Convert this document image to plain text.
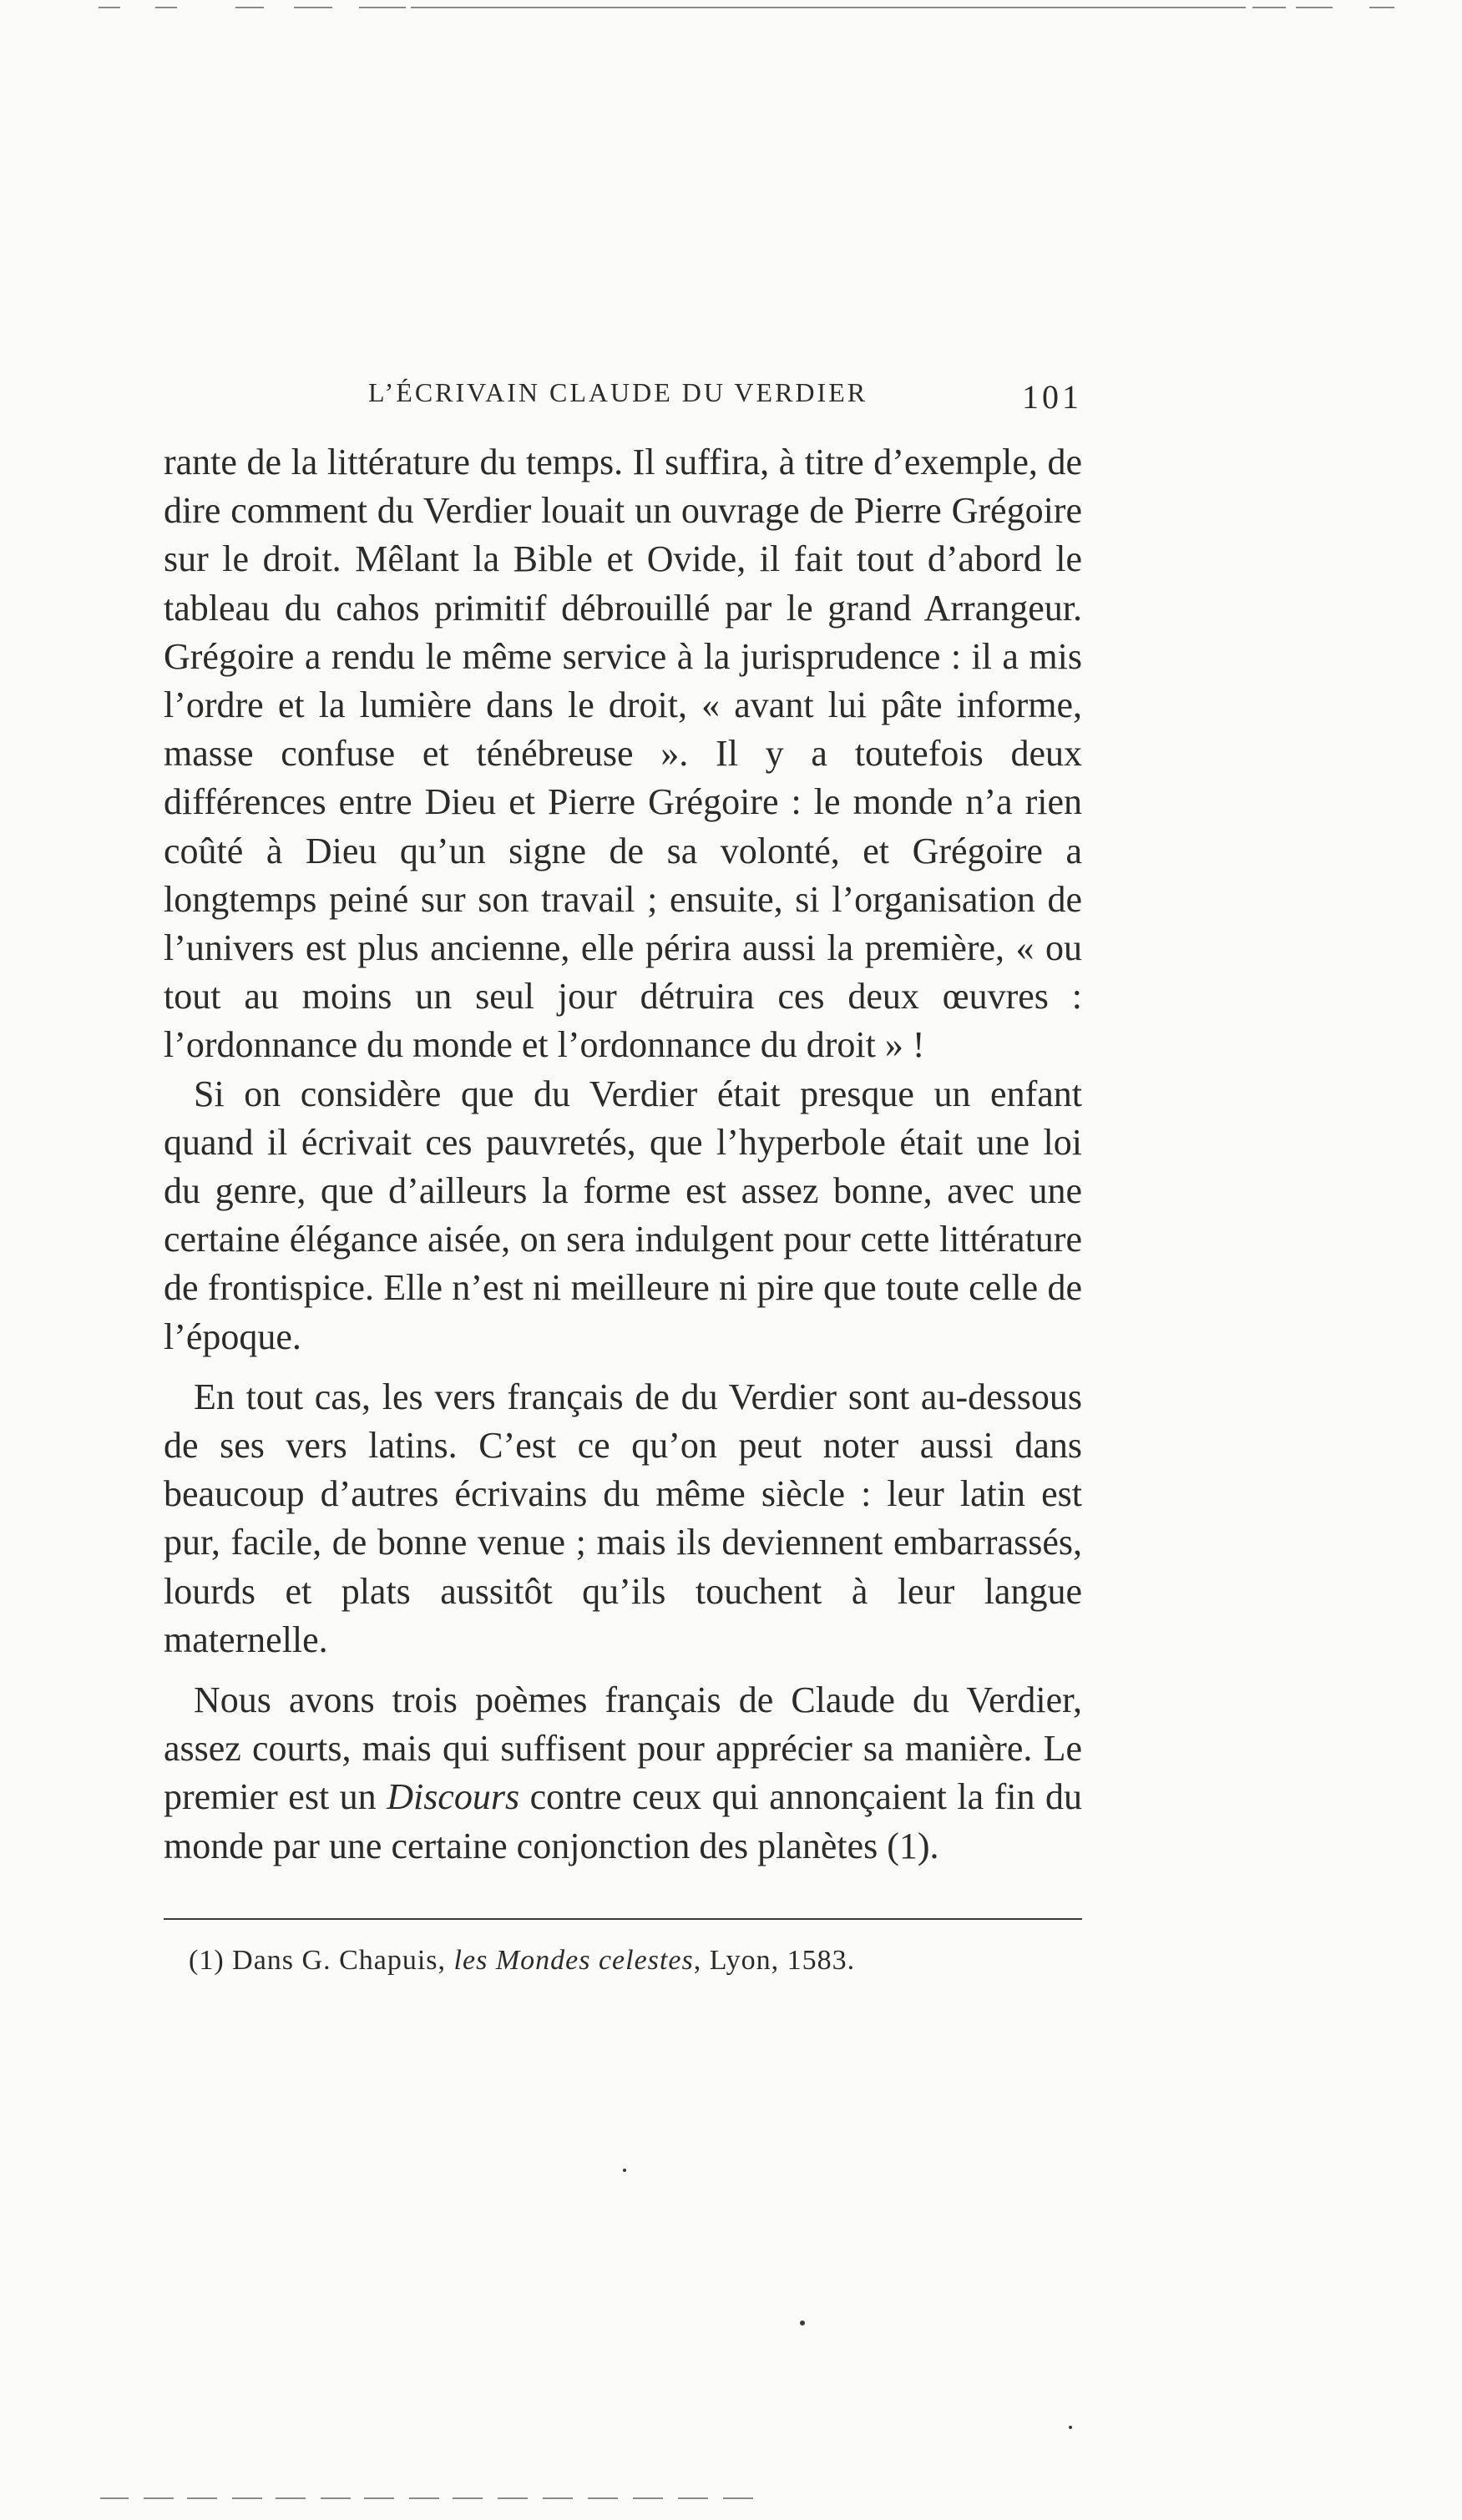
L’ÉCRIVAIN CLAUDE DU VERDIER	101

rante de la littérature du temps. Il suffira, à titre d’exemple, de dire comment du Verdier louait un ouvrage de Pierre Grégoire sur le droit. Mêlant la Bible et Ovide, il fait tout d’abord le tableau du cahos primitif débrouillé par le grand Arrangeur. Grégoire a rendu le même service à la jurisprudence : il a mis l’ordre et la lumière dans le droit, « avant lui pâte informe, masse confuse et ténébreuse ». Il y a toutefois deux différences entre Dieu et Pierre Grégoire : le monde n’a rien coûté à Dieu qu’un signe de sa volonté, et Grégoire a longtemps peiné sur son travail ; ensuite, si l’organisation de l’univers est plus ancienne, elle périra aussi la première, « ou tout au moins un seul jour détruira ces deux œuvres : l’ordonnance du monde et l’ordonnance du droit » !

Si on considère que du Verdier était presque un enfant quand il écrivait ces pauvretés, que l’hyperbole était une loi du genre, que d’ailleurs la forme est assez bonne, avec une certaine élégance aisée, on sera indulgent pour cette littérature de frontispice. Elle n’est ni meilleure ni pire que toute celle de l’époque.

En tout cas, les vers français de du Verdier sont au-dessous de ses vers latins. C’est ce qu’on peut noter aussi dans beaucoup d’autres écrivains du même siècle : leur latin est pur, facile, de bonne venue ; mais ils deviennent embarrassés, lourds et plats aussitôt qu’ils touchent à leur langue maternelle.

Nous avons trois poèmes français de Claude du Verdier, assez courts, mais qui suffisent pour apprécier sa manière. Le premier est un Discours contre ceux qui annonçaient la fin du monde par une certaine conjonction des planètes (1).

(1) Dans G. Chapuis, les Mondes celestes, Lyon, 1583.
